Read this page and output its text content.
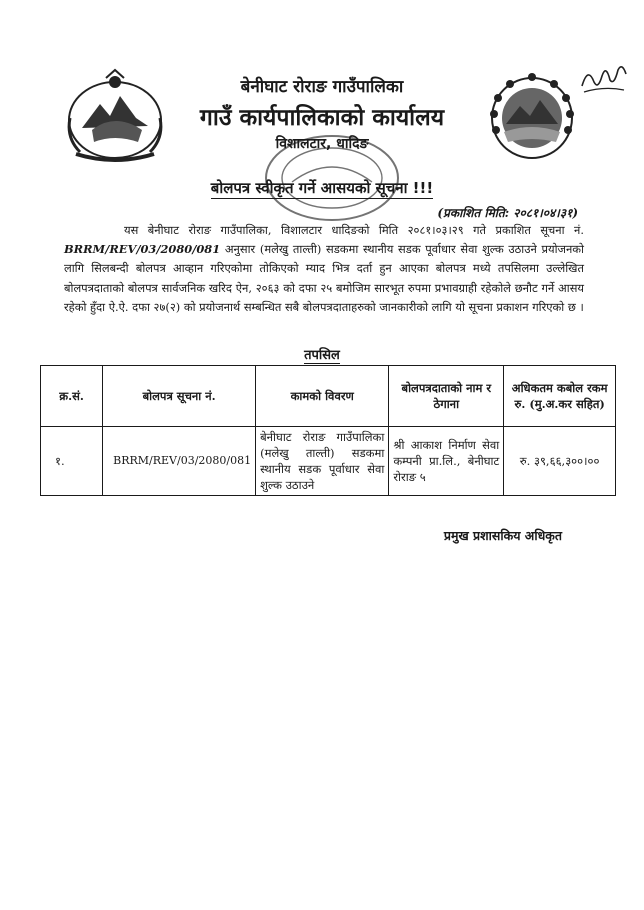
बेनीघाट रोराङ गाउँपालिका
गाउँ कार्यपालिकाको कार्यालय
विशालटार, धादिङ
बोलपत्र स्वीकृत गर्ने आसयको सूचना !!!
(प्रकाशित मिति: २०८१।०४।३१)
यस बेनीघाट रोराङ गाउँपालिका, विशालटार धादिङको मिति २०८१।०३।२९ गते प्रकाशित सूचना नं. BRRM/REV/03/2080/081 अनुसार (मलेखु ताल्ती) सडकमा स्थानीय सडक पूर्वाधार सेवा शुल्क उठाउने प्रयोजनको लागि सिलबन्दी बोलपत्र आव्हान गरिएकोमा तोकिएको म्याद भित्र दर्ता हुन आएका बोलपत्र मध्ये तपसिलमा उल्लेखित बोलपत्रदाताको बोलपत्र सार्वजनिक खरिद ऐन, २०६३ को दफा २५ बमोजिम सारभूत रुपमा प्रभावग्राही रहेकोले छनौट गर्ने आसय रहेको हुँदा ऐ.ऐ. दफा २७(२) को प्रयोजनार्थ सम्बन्धित सबै बोलपत्रदाताहरुको जानकारीको लागि यो सूचना प्रकाशन गरिएको छ ।
तपसिल
क्र.सं.	बोलपत्र सूचना नं.	कामको विवरण	बोलपत्रदाताको नाम र ठेगाना	अधिकतम कबोल रकम रु. (मु.अ.कर सहित)
१.	BRRM/REV/03/2080/081	बेनीघाट रोराङ गाउँपालिका (मलेखु ताल्ती) सडकमा स्थानीय सडक पूर्वाधार सेवा शुल्क उठाउने	श्री आकाश निर्माण सेवा कम्पनी प्रा.लि., बेनीघाट रोराङ ५	रु. ३९,६६,३००।००
प्रमुख प्रशासकिय अधिकृत
